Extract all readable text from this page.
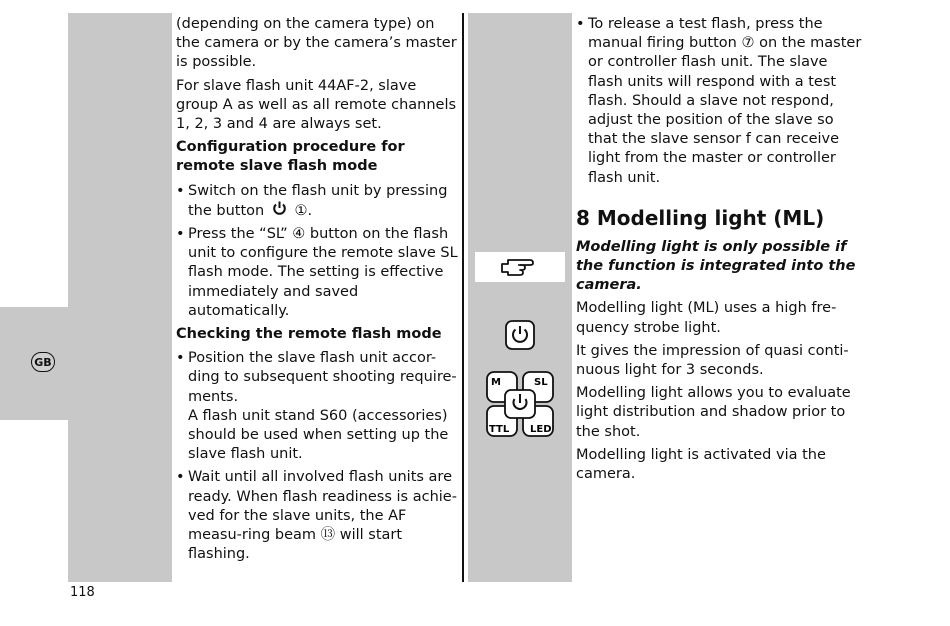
GB

(depending on the camera type) on the camera or by the camera’s master is possible.

For slave flash unit 44AF-2, slave group A as well as all remote channels 1, 2, 3 and 4 are always set.

Configuration procedure for remote slave flash mode
• Switch on the flash unit by pressing the button ①.
• Press the “SL” ④ button on the flash unit to configure the remote slave SL flash mode. The setting is effective immediately and saved automatically.
Checking the remote flash mode
• Position the slave flash unit accor-ding to subsequent shooting require-ments.
A flash unit stand S60 (accessories) should be used when setting up the slave flash unit.
• Wait until all involved flash units are ready. When flash readiness is achie-ved for the slave units, the AF measu-ring beam ⑬ will start flashing.
M	SL
TTL LED
• To release a test flash, press the manual firing button ⑦ on the master or controller flash unit. The slave flash units will respond with a test flash. Should a slave not respond, adjust the position of the slave so that the slave sensor f can receive light from the master or controller flash unit.

8 Modelling light (ML)

Modelling light is only possible if the function is integrated into the camera.

Modelling light (ML) uses a high fre-quency strobe light.

It gives the impression of quasi conti-nuous light for 3 seconds.

Modelling light allows you to evaluate light distribution and shadow prior to the shot.

Modelling light is activated via the camera.

118
